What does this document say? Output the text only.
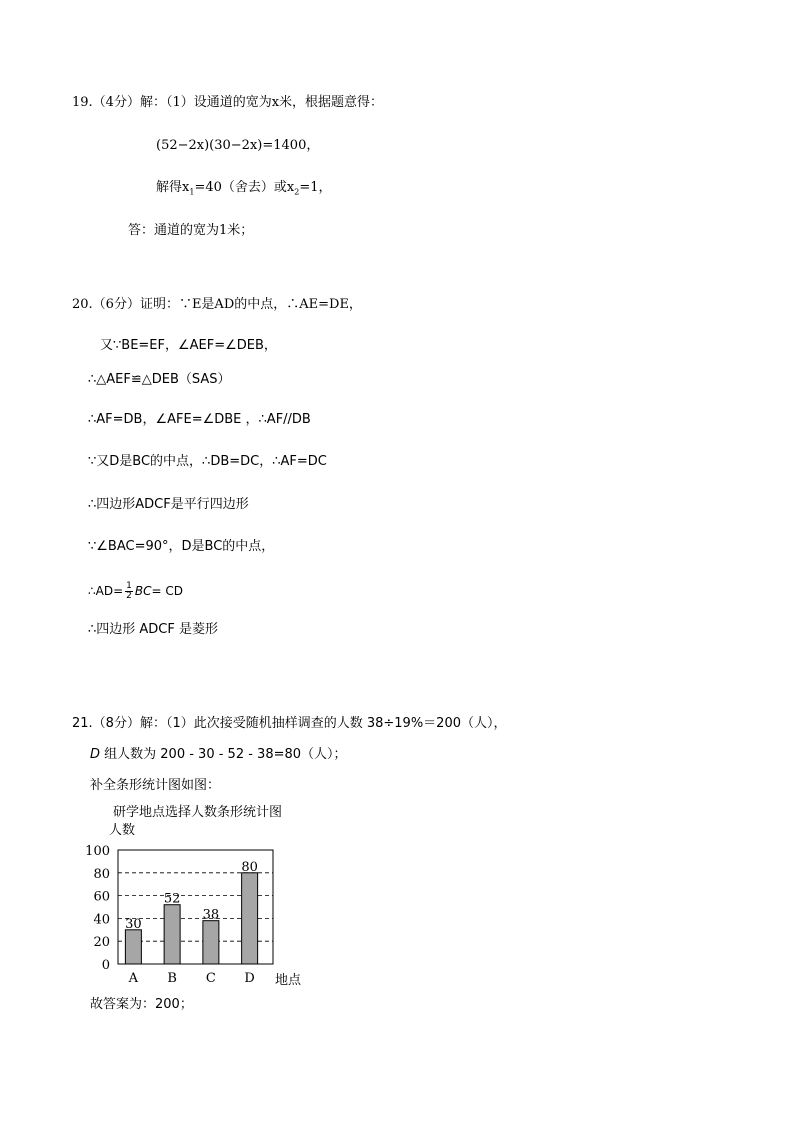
19.（4分）解：（1）设通道的宽为x米，根据题意得：
(52−2x)(30−2x)=1400，
解得$x_1=40$（舍去）或$x_2=1$，
答：通道的宽为1米；
20.（6分）证明：∵E是AD的中点，∴AE=DE，
又∵BE=EF，∠AEF=∠DEB，
∴△AEF≌△DEB（SAS）
∴AF=DB，∠AFE=∠DBE ，∴AF//DB
∵又D是BC的中点，∴DB=DC，∴AF=DC
∴四边形ADCF是平行四边形
∵∠BAC=90°，D是BC的中点，
∴AD= $\frac{1}{2} BC=$ CD
∴四边形 ADCF 是菱形
21.（8分）解：（1）此次接受随机抽样调查的人数 38÷19%＝200（人），
D 组人数为 200 - 30 - 52 - 38=80（人）；
补全条形统计图如图：
研学地点选择人数条形统计图
人数
0
20
40
60
80
100
30
A
52
B
38
C
80
D 地点
故答案为：200；
